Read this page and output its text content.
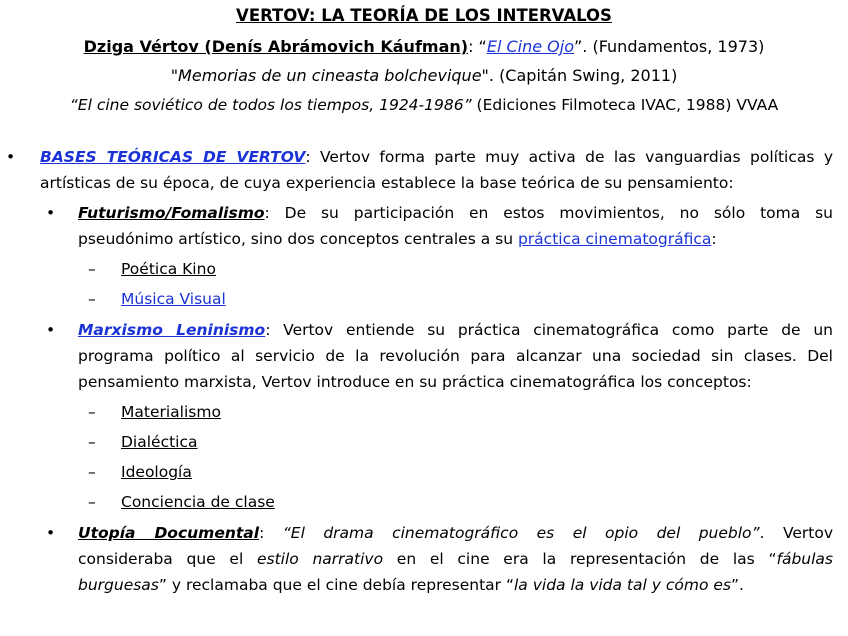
VERTOV: LA TEORÍA DE LOS INTERVALOS
Dziga Vértov (Denís Abrámovich Káufman): “El Cine Ojo”. (Fundamentos, 1973)
"Memorias de un cineasta bolchevique". (Capitán Swing, 2011)
“El cine soviético de todos los tiempos, 1924-1986” (Ediciones Filmoteca IVAC, 1988) VVAA
• BASES TEÓRICAS DE VERTOV: Vertov forma parte muy activa de las vanguardias políticas y
artísticas de su época, de cuya experiencia establece la base teórica de su pensamiento:
• Futurismo/Fomalismo: De su participación en estos movimientos, no sólo toma su
pseudónimo artístico, sino dos conceptos centrales a su práctica cinematográfica:
– Poética Kino
– Música Visual
• Marxismo Leninismo: Vertov entiende su práctica cinematográfica como parte de un
programa político al servicio de la revolución para alcanzar una sociedad sin clases. Del
pensamiento marxista, Vertov introduce en su práctica cinematográfica los conceptos:
– Materialismo
– Dialéctica
– Ideología
– Conciencia de clase
• Utopía Documental: “El drama cinematográfico es el opio del pueblo”. Vertov
consideraba que el estilo narrativo en el cine era la representación de las “fábulas
burguesas” y reclamaba que el cine debía representar “la vida la vida tal y cómo es”.
